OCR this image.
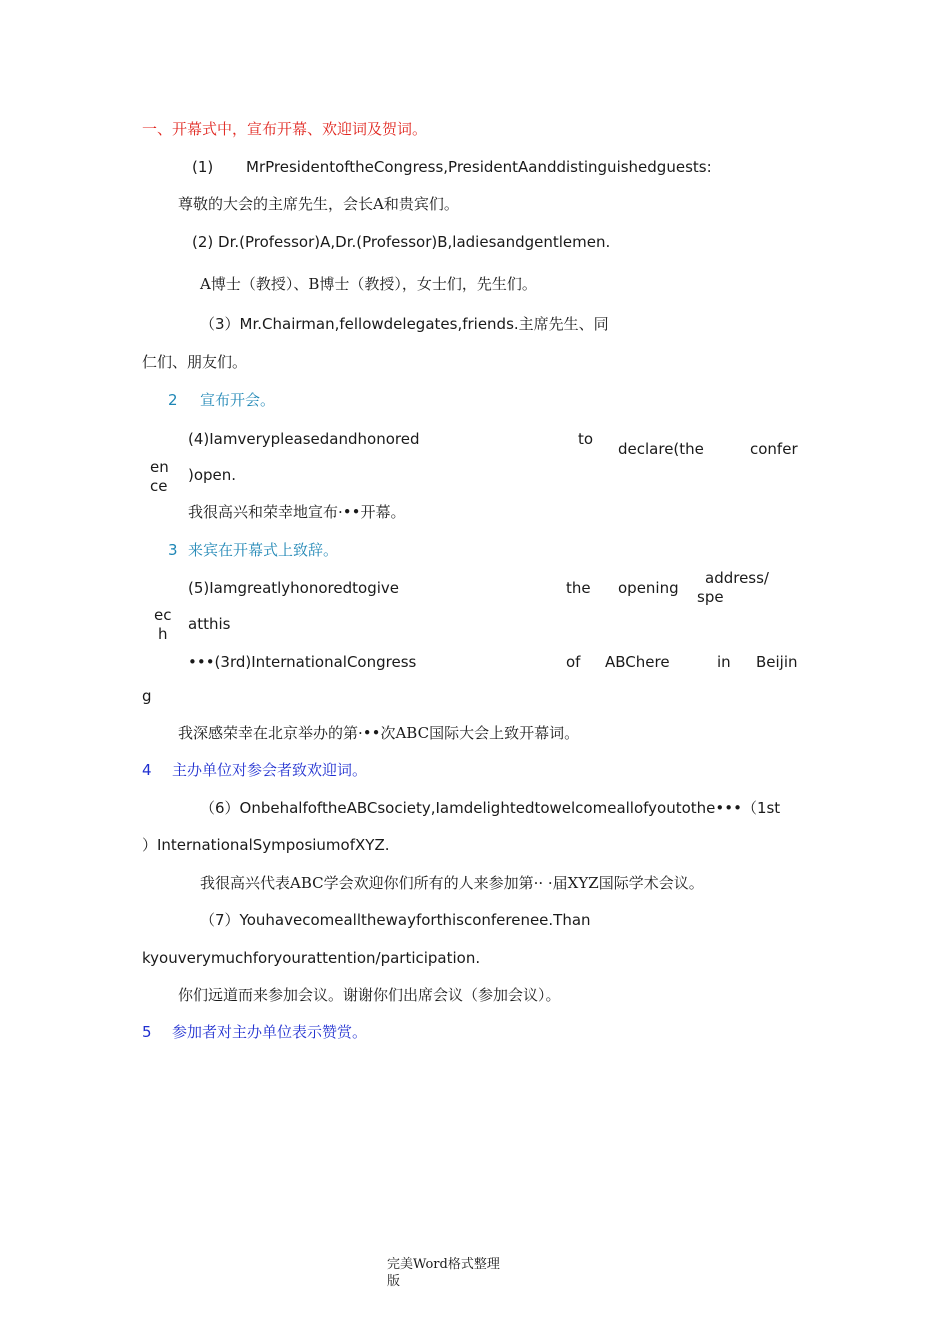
一、开幕式中，宣布开幕、欢迎词及贺词。
(1) MrPresidentoftheCongress,PresidentAanddistinguishedguests:
尊敬的大会的主席先生，会长A和贵宾们。
(2) Dr.(Professor)A,Dr.(Professor)B,ladiesandgentlemen.
A博士（教授）、B博士（教授），女士们，先生们。
（3）Mr.Chairman,fellowdelegates,friends.主席先生、同
仁们、朋友们。
2 宣布开会。
(4)Iamverypleasedandhonored	to
declare(the	confer
en
ce
)open.
我很高兴和荣幸地宣布·••开幕。
3 来宾在开幕式上致辞。
(5)Iamgreatlyhonoredtogive	the opening
address/
spe
ec
h
atthis
•••(3rd)InternationalCongress	of ABChere	in Beijin
g
我深感荣幸在北京举办的第·••次ABC国际大会上致开幕词。
4 主办单位对参会者致欢迎词。
（6）OnbehalfoftheABCsociety,Iamdelightedtowelcomeallofyoutothe•••（1st
）InternationalSymposiumofXYZ.
我很高兴代表ABC学会欢迎你们所有的人来参加第·· ·届XYZ国际学术会议。
（7）Youhavecomeallthewayforthisconferenee.Than
kyouverymuchforyourattention/participation.
你们远道而来参加会议。谢谢你们出席会议（参加会议）。
5 参加者对主办单位表示赞赏。
完美Word格式整理
版
